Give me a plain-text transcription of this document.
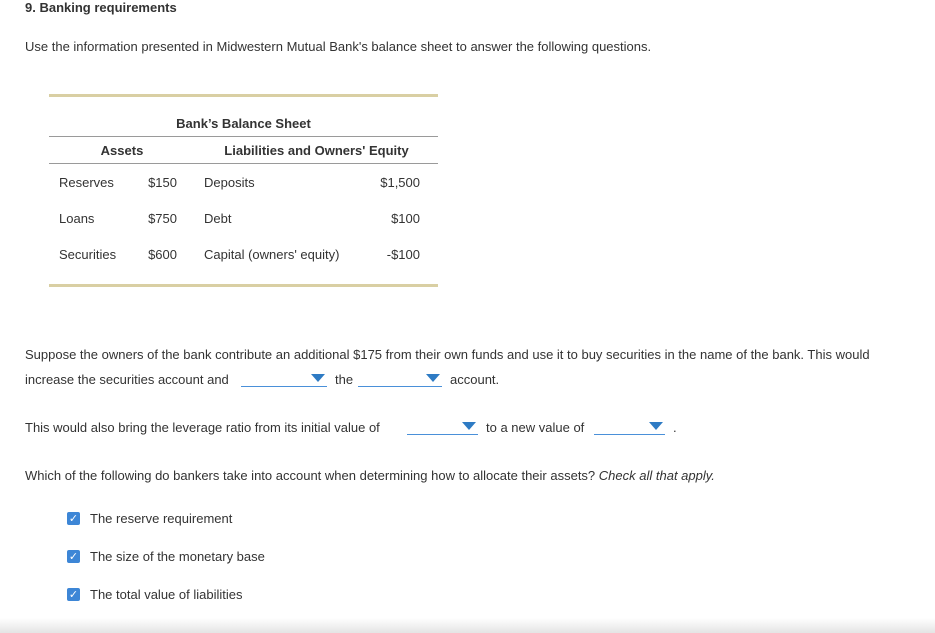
9. Banking requirements
Use the information presented in Midwestern Mutual Bank's balance sheet to answer the following questions.
Bank’s Balance Sheet
Assets	Liabilities and Owners' Equity
Reserves	$150 Deposits	$1,500
Loans	$750 Debt	$100
Securities	$600 Capital (owners' equity)	-$100
Suppose the owners of the bank contribute an additional $175 from their own funds and use it to buy securities in the name of the bank. This would
increase the securities account and	the	account.
This would also bring the leverage ratio from its initial value of	to a new value of	.
Which of the following do bankers take into account when determining how to allocate their assets? Check all that apply.
✓ The reserve requirement
✓ The size of the monetary base
✓ The total value of liabilities
